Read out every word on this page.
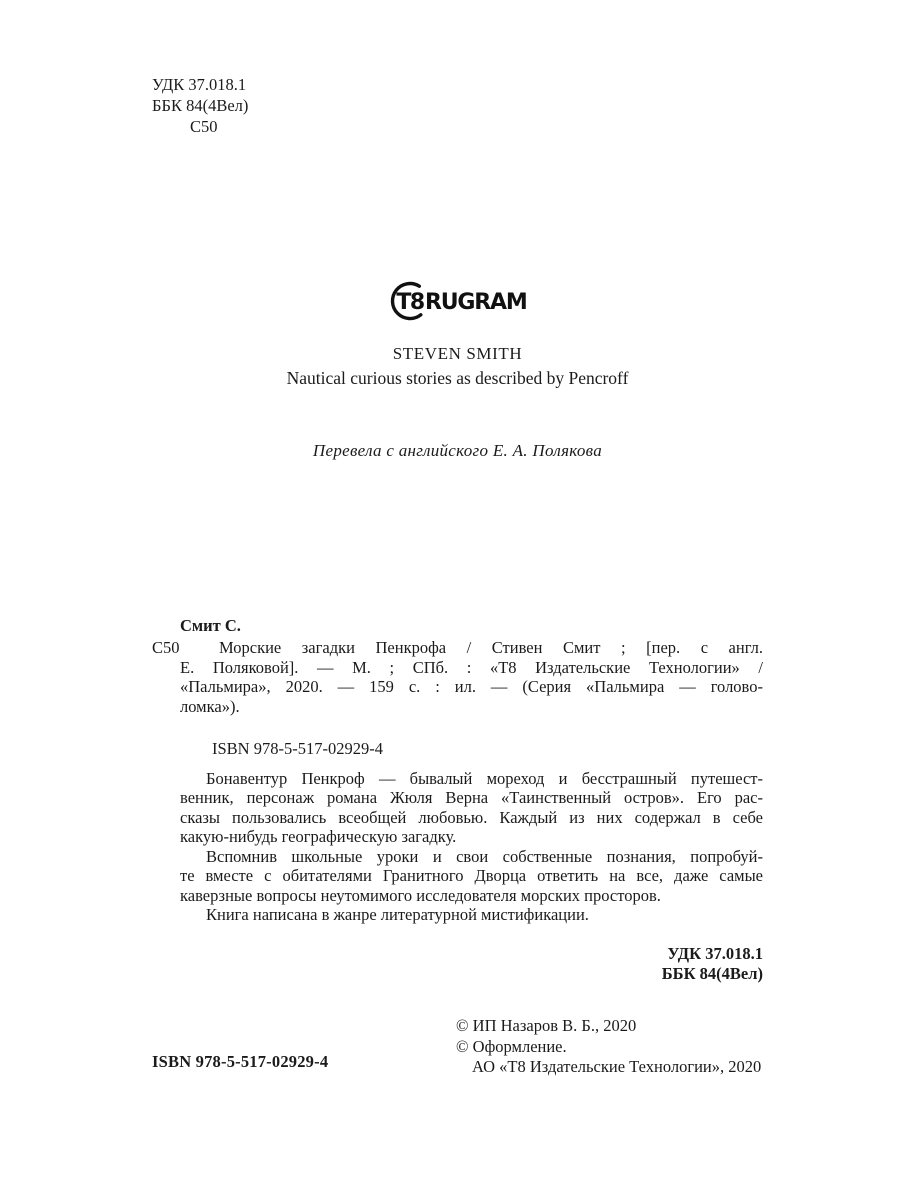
УДК 37.018.1
ББК 84(4Вел)
С50
T8 RUGRAM
STEVEN SMITH
Nautical curious stories as described by Pencroff
Перевела с английского Е. А. Полякова
Смит С.
С50	Морские загадки Пенкрофа / Стивен Смит ; [пер. с англ.
Е. Поляковой]. — М. ; СПб. : «Т8 Издательские Технологии» /
«Пальмира», 2020. — 159 с. : ил. — (Серия «Пальмира — голово-
ломка»).
ISBN 978-5-517-02929-4
Бонавентур Пенкроф — бывалый мореход и бесстрашный путешест-
венник, персонаж романа Жюля Верна «Таинственный остров». Его рас-
сказы пользовались всеобщей любовью. Каждый из них содержал в себе
какую-нибудь географическую загадку.
Вспомнив школьные уроки и свои собственные познания, попробуй-
те вместе с обитателями Гранитного Дворца ответить на все, даже самые
каверзные вопросы неутомимого исследователя морских просторов.
Книга написана в жанре литературной мистификации.
УДК 37.018.1
ББК 84(4Вел)
© ИП Назаров В. Б., 2020
© Оформление.
АО «Т8 Издательские Технологии», 2020
ISBN 978-5-517-02929-4
